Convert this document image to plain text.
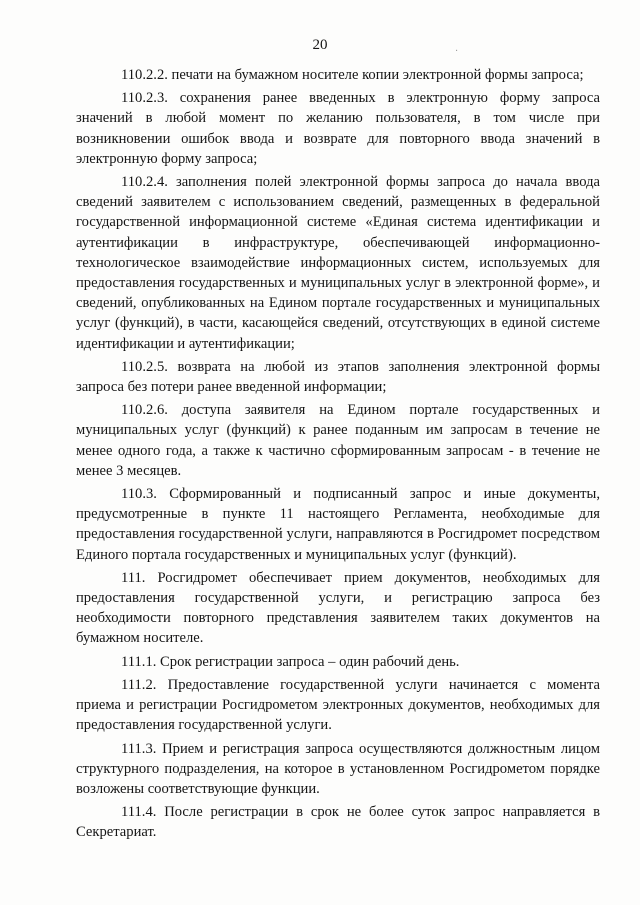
20	·

110.2.2. печати на бумажном носителе копии электронной формы запроса;

110.2.3. сохранения ранее введенных в электронную форму запроса значений в любой момент по желанию пользователя, в том числе при возникновении ошибок ввода и возврате для повторного ввода значений в электронную форму запроса;

110.2.4. заполнения полей электронной формы запроса до начала ввода сведений заявителем с использованием сведений, размещенных в федеральной государственной информационной системе «Единая система идентификации и аутентификации в инфраструктуре, обеспечивающей информационно-технологическое взаимодействие информационных систем, используемых для предоставления государственных и муниципальных услуг в электронной форме», и сведений, опубликованных на Едином портале государственных и муниципальных услуг (функций), в части, касающейся сведений, отсутствующих в единой системе идентификации и аутентификации;

110.2.5. возврата на любой из этапов заполнения электронной формы запроса без потери ранее введенной информации;

110.2.6. доступа заявителя на Едином портале государственных и муниципальных услуг (функций) к ранее поданным им запросам в течение не менее одного года, а также к частично сформированным запросам - в течение не менее 3 месяцев.

110.3. Сформированный и подписанный запрос и иные документы, предусмотренные в пункте 11 настоящего Регламента, необходимые для предоставления государственной услуги, направляются в Росгидромет посредством Единого портала государственных и муниципальных услуг (функций).

111. Росгидромет обеспечивает прием документов, необходимых для предоставления государственной услуги, и регистрацию запроса без необходимости повторного представления заявителем таких документов на бумажном носителе.

111.1. Срок регистрации запроса – один рабочий день.

111.2. Предоставление государственной услуги начинается с момента приема и регистрации Росгидрометом электронных документов, необходимых для предоставления государственной услуги.

111.3. Прием и регистрация запроса осуществляются должностным лицом структурного подразделения, на которое в установленном Росгидрометом порядке возложены соответствующие функции.

111.4. После регистрации в срок не более суток запрос направляется в Секретариат.
